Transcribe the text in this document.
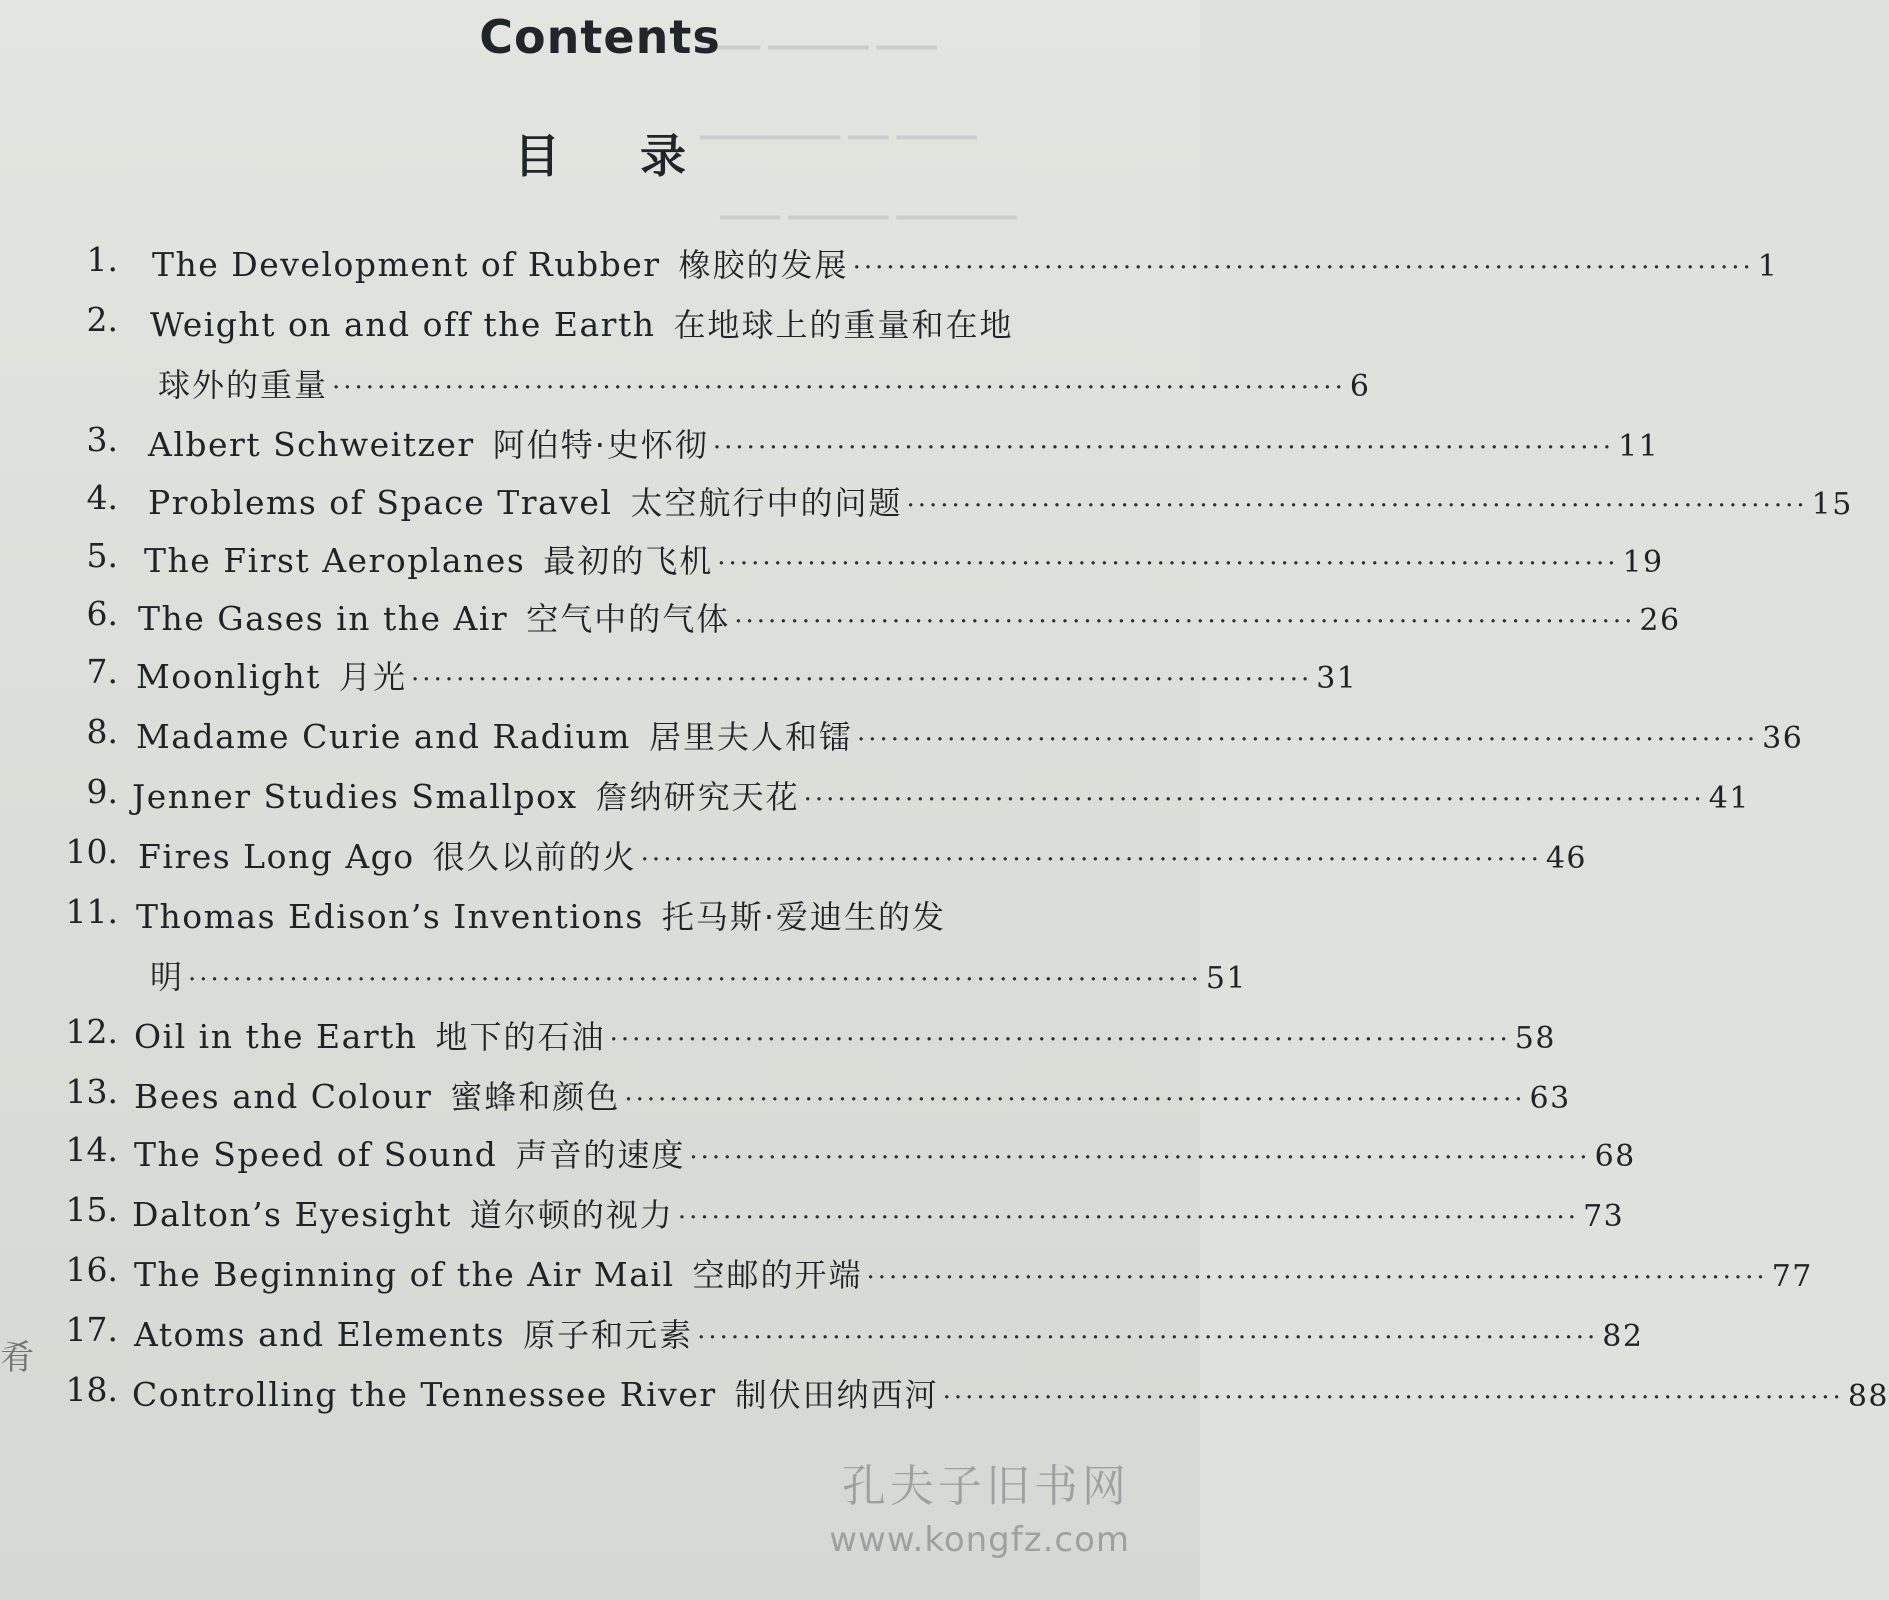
▁▁▁ ▁▁▁▁▁ ▁▁▁
▁▁▁▁ ▁▁ ▁▁▁▁▁▁▁
▁▁▁▁▁▁ ▁▁▁▁▁ ▁▁▁
Contents
目录
1. The Development of Rubber 橡胶的发展 ················································································ 1
2. Weight on and off the Earth 在地球上的重量和在地
球外的重量 ·························································································· 6
3. Albert Schweitzer 阿伯特·史怀彻 ················································································ 11
4. Problems of Space Travel 太空航行中的问题 ················································································ 15
5. The First Aeroplanes 最初的飞机 ················································································ 19
6. The Gases in the Air 空气中的气体 ················································································ 26
7. Moonlight 月光 ················································································ 31
8. Madame Curie and Radium 居里夫人和镭 ················································································ 36
9. Jenner Studies Smallpox 詹纳研究天花 ················································································ 41
10. Fires Long Ago 很久以前的火 ················································································ 46
11. Thomas Edison’s Inventions 托马斯·爱迪生的发
明 ·························································································· 51
12. Oil in the Earth 地下的石油 ················································································ 58
13. Bees and Colour 蜜蜂和颜色 ················································································ 63
14. The Speed of Sound 声音的速度 ················································································ 68
15. Dalton’s Eyesight 道尔顿的视力 ················································································ 73
16. The Beginning of the Air Mail 空邮的开端 ················································································ 77
17. Atoms and Elements 原子和元素 ················································································ 82
18. Controlling the Tennessee River 制伏田纳西河 ················································································ 88
肴
孔夫子旧书网
www.kongfz.com
